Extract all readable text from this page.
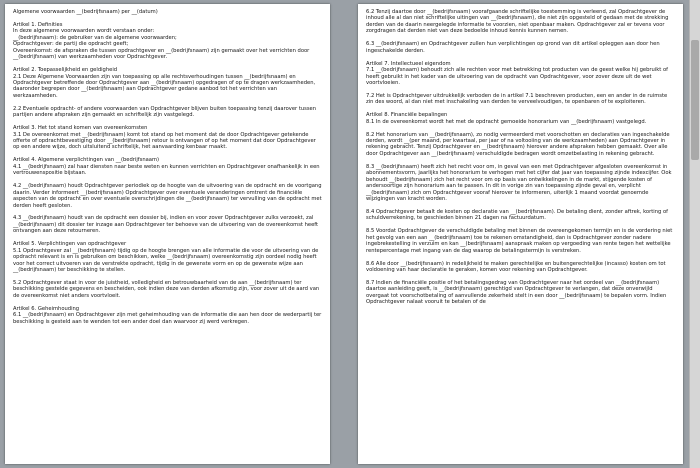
Algemene voorwaarden __(bedrijfsnaam) per __(datum)
Artikel 1. Definities
In deze algemene voorwaarden wordt verstaan onder:
__(bedrijfsnaam): de gebruiker van de algemene voorwaarden;
Opdrachtgever: de partij die opdracht geeft;
Overeenkomst: de afspraken die tussen opdrachtgever en __(bedrijfsnaam) zijn gemaakt over het verrichten door __(bedrijfsnaam) van werkzaamheden voor Opdrachtgever.
Artikel 2. Toepasselijkheid en geldigheid
2.1 Deze Algemene Voorwaarden zijn van toepassing op alle rechtsverhoudingen tussen __(bedrijfsnaam) en Opdrachtgever betreffende door Opdrachtgever aan __(bedrijfsnaam) opgedragen of op te dragen werkzaamheden, daaronder begrepen door __(bedrijfsnaam) aan Opdrachtgever gedane aanbod tot het verrichten van werkzaamheden.
2.2 Eventuele opdracht- of andere voorwaarden van Opdrachtgever blijven buiten toepassing tenzij daarover tussen partijen andere afspraken zijn gemaakt en schriftelijk zijn vastgelegd.
Artikel 3. Het tot stand komen van overeenkomsten
3.1 De overeenkomst met __(bedrijfsnaam) komt tot stand op het moment dat de door Opdrachtgever getekende offerte of opdrachtbevestiging door __(bedrijfsnaam) retour is ontvangen of op het moment dat door Opdrachtgever op een andere wijze, doch uitsluitend schriftelijk, het aanvaarding kenbaar maakt.
Artikel 4. Algemene verplichtingen van __(bedrijfsnaam)
4.1 __(bedrijfsnaam) zal haar diensten naar beste weten en kunnen verrichten en Opdrachtgever onafhankelijk in een vertrouwenspositie bijstaan.
4.2 __(bedrijfsnaam) houdt Opdrachtgever periodiek op de hoogte van de uitvoering van de opdracht en de voortgang daarin. Verder informeert __(bedrijfsnaam) Opdrachtgever over eventuele veranderingen omtrent de financiële aspecten van de opdracht en over eventuele overschrijdingen die __(bedrijfsnaam) ter vervulling van de opdracht met derden heeft gesloten.
4.3 __(bedrijfsnaam) houdt van de opdracht een dossier bij, indien en voor zover Opdrachtgever zulks verzoekt, zal __(bedrijfsnaam) dit dossier ter inzage aan Opdrachtgever ter behoeve van de uitvoering van de overeenkomst heeft ontvangen aan deze retourneren.
Artikel 5. Verplichtingen van opdrachtgever
5.1 Opdrachtgever zal __(bedrijfsnaam) tijdig op de hoogte brengen van alle informatie die voor de uitvoering van de opdracht relevant is en is gebruiken om beschikken, welke __(bedrijfsnaam) overeenkomstig zijn oordeel nodig heeft voor het correct uitvoeren van de verstrekte opdracht, tijdig in de gewenste vorm en op de gewenste wijze aan __(bedrijfsnaam) ter beschikking te stellen.
5.2 Opdrachtgever staat in voor de juistheid, volledigheid en betrouwbaarheid van de aan __(bedrijfsnaam) ter beschikking gestelde gegevens en bescheiden, ook indien deze van derden afkomstig zijn, voor zover uit de aard van de overeenkomst niet anders voortvloeit.
Artikel 6. Geheimhouding
6.1 __(bedrijfsnaam) en Opdrachtgever zijn met geheimhouding van de informatie die aan hen door de wederpartij ter beschikking is gesteld aan te wenden tot een ander doel dan waarvoor zij werd verkregen.
6.2 Tenzij daartoe door __(bedrijfsnaam) voorafgaande schriftelijke toestemming is verleend, zal Opdrachtgever de inhoud alle al dan niet schriftelijke uitingen van __(bedrijfsnaam), die niet zijn opgesteld of gedaan met de strekking derden van de daarin neergelegde informatie te voorzien, niet openbaar maken. Opdrachtgever zal er tevens voor zorgdragen dat derden niet van deze bedoelde inhoud kennis kunnen nemen.
6.3 __(bedrijfsnaam) en Opdrachtgever zullen hun verplichtingen op grond van dit artikel opleggen aan door hen ingeschakelde derden.
Artikel 7. Intellectueel eigendom
7.1 __(bedrijfsnaam) behoudt zich alle rechten voor met betrekking tot producten van de geest welke hij gebruikt of heeft gebruikt in het kader van de uitvoering van de opdracht van Opdrachtgever, voor zover deze uit de wet voortvloeien.
7.2 Het is Opdrachtgever uitdrukkelijk verboden de in artikel 7.1 beschreven producten, een en ander in de ruimste zin des woord, al dan niet met inschakeling van derden te verveelvoudigen, te openbaren of te exploiteren.
Artikel 8. Financiële bepalingen
8.1 In de overeenkomst wordt het met de opdracht gemoeide honorarium van __(bedrijfsnaam) vastgelegd.
8.2 Het honorarium van __(bedrijfsnaam), zo nodig vermeerderd met voorschotten en declaraties van ingeschakelde derden, wordt __(per maand, per kwartaal, per jaar of na voltooiing van de werkzaamheden) aan Opdrachtgever in rekening gebracht. Tenzij Opdrachtgever en __(bedrijfsnaam) hierover andere afspraken hebben gemaakt. Over alle door Opdrachtgever aan __(bedrijfsnaam) verschuldigde bedragen wordt omzetbelasting in rekening gebracht.
8.3 __(bedrijfsnaam) heeft zich het recht voor om, in geval van een met Opdrachtgever afgesloten overeenkomst in abonnementsvorm, jaarlijks het honorarium te verhogen met het cijfer dat jaar van toepassing zijnde indexcijfer. Ook behoudt __(bedrijfsnaam) zich het recht voor om op basis van ontwikkelingen in de markt, stijgende kosten of andersoortige zijn honorarium aan te passen. In dit in vorige zin van toepassing zijnde geval en, verplicht __(bedrijfsnaam) zich om Opdrachtgever vooraf hierover te informeren, uiterlijk 1 maand voordat genoemde wijzigingen van kracht worden.
8.4 Opdrachtgever betaalt de kosten op declaratie van __(bedrijfsnaam). De betaling dient, zonder aftrek, korting of schuldverrekening, te geschieden binnen 21 dagen na factuurdatum.
8.5 Voordat Opdrachtgever de verschuldigde betaling met binnen de overeengekomen termijn en is de vordering niet het gevolg van een aan __(bedrijfsnaam) toe te rekenen omstandigheid, dan is Opdrachtgever zonder nadere ingebrekestelling in verzuim en kan __(bedrijfsnaam) aanspraak maken op vergoeding van rente tegen het wettelijke rentepercentage met ingang van de dag waarop de betalingstermijn is verstreken.
8.6 Alle door __(bedrijfsnaam) in redelijkheid te maken gerechtelijke en buitengerechtelijke (incasso) kosten om tot voldoening van haar declaratie te geraken, komen voor rekening van Opdrachtgever.
8.7 Indien de financiële positie of het betalingsgedrag van Opdrachtgever naar het oordeel van __(bedrijfsnaam) daartoe aanleiding geeft, is __(bedrijfsnaam) gerechtigd van Opdrachtgever te verlangen, dat deze onverwijld overgaat tot voorschotbetaling of aanvullende zekerheid stelt in een door __(bedrijfsnaam) te bepalen vorm. Indien Opdrachtgever nalaat vooruit te betalen of de
